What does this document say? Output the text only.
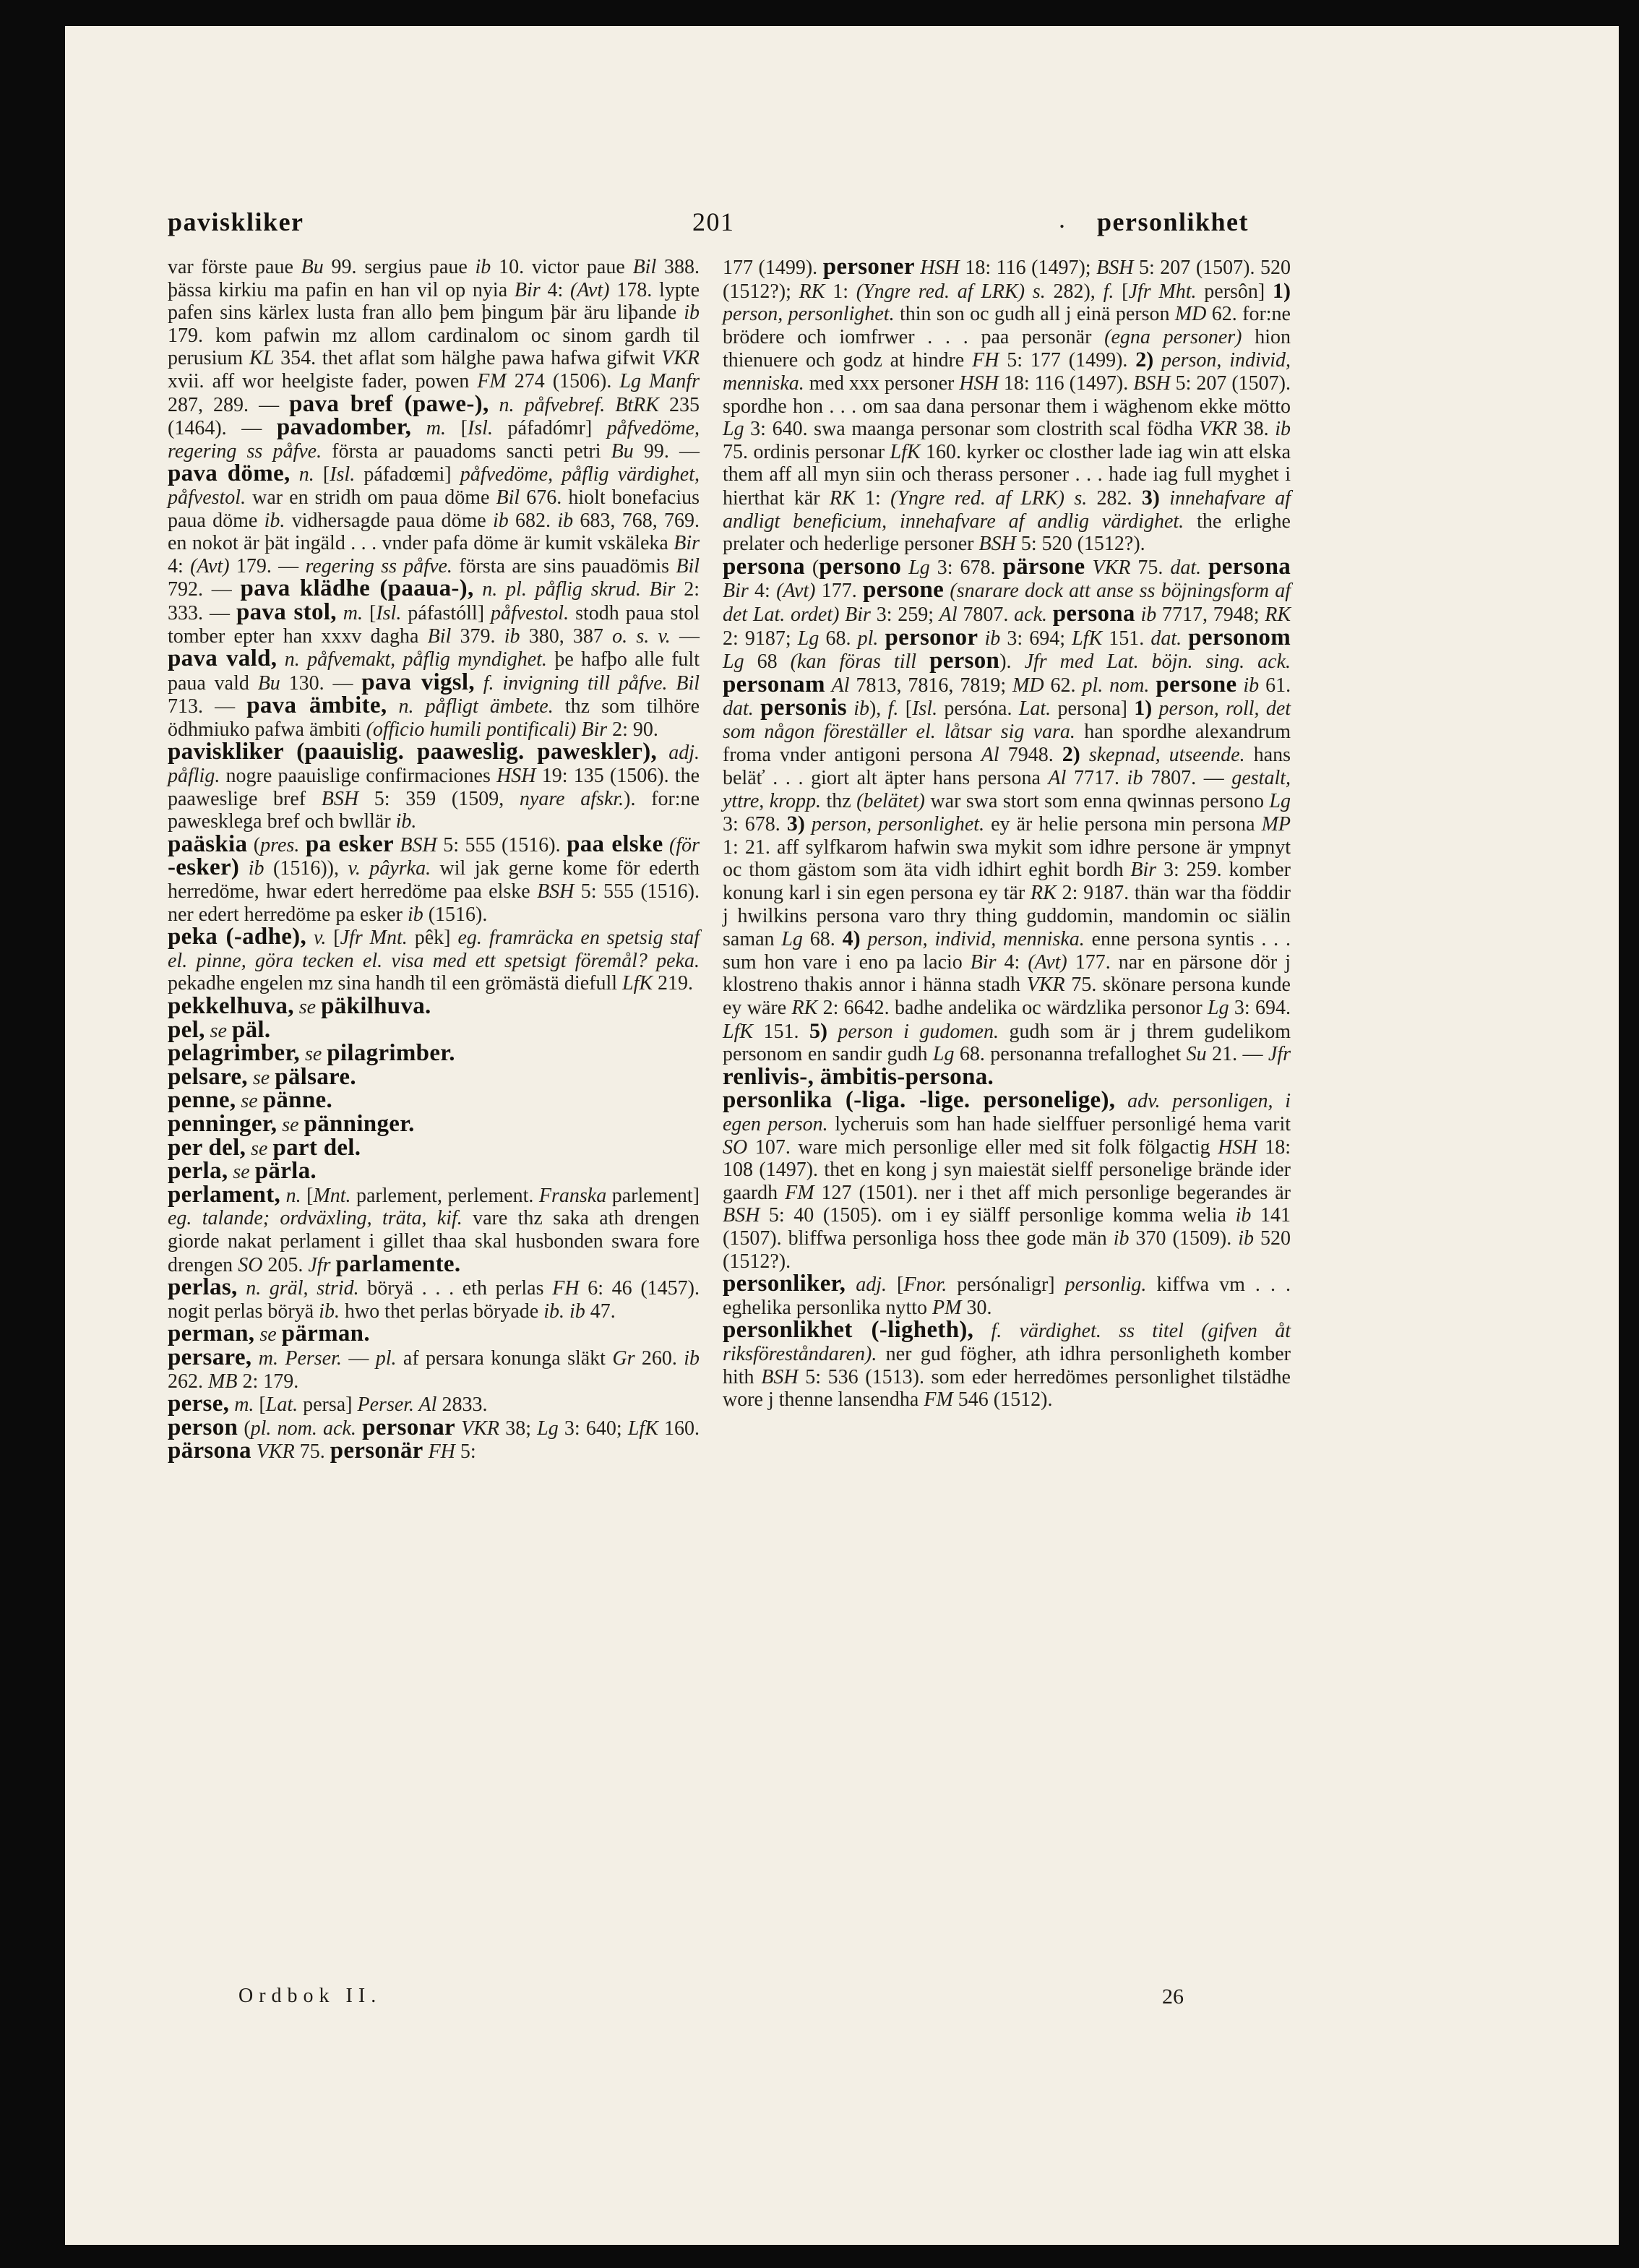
paviskliker	201	. personlikhet

var förste paue Bu 99. sergius paue ib 10. victor paue Bil 388. þässa kirkiu ma pafin en han vil op nyia Bir 4: (Avt) 178. lypte pafen sins kärlex lusta fran allo þem þingum þär äru liþande ib 179. kom pafwin mz allom cardinalom oc sinom gardh til perusium KL 354. thet aflat som hälghe pawa hafwa gifwit VKR xvii. aff wor heelgiste fader, powen FM 274 (1506). Lg Manfr 287, 289. — pava bref (pawe-), n. påfvebref. BtRK 235 (1464). — pavadomber, m. [Isl. páfadómr] påfvedöme, regering ss påfve. första ar pauadoms sancti petri Bu 99. — pava döme, n. [Isl. páfadœmi] påfvedöme, påflig värdighet, påfvestol. war en stridh om paua döme Bil 676. hiolt bonefacius paua döme ib. vidhersagde paua döme ib 682. ib 683, 768, 769. en nokot är þät ingäld . . . vnder pafa döme är kumit vskäleka Bir 4: (Avt) 179. — regering ss påfve. första are sins pauadömis Bil 792. — pava klädhe (paaua-), n. pl. påflig skrud. Bir 2: 333. — pava stol, m. [Isl. páfastóll] påfvestol. stodh paua stol tomber epter han xxxv dagha Bil 379. ib 380, 387 o. s. v. — pava vald, n. påfvemakt, påflig myndighet. þe hafþo alle fult paua vald Bu 130. — pava vigsl, f. invigning till påfve. Bil 713. — pava ämbite, n. påfligt ämbete. thz som tilhöre ödhmiuko pafwa ämbiti (officio humili pontificali) Bir 2: 90.

paviskliker (paauislig. paaweslig. pawesklег), adj. påflig. nogre paauislige confirmaciones HSH 19: 135 (1506). the paaweslige bref BSH 5: 359 (1509, nyare afskr.). for:ne pawesklega bref och bwllär ib.

paäskia (pres. pa esker BSH 5: 555 (1516). paa elske (för -esker) ib (1516)), v. pâyrka. wil jak gerne kome för ederth herredöme, hwar edert herredöme paa elske BSH 5: 555 (1516). ner edert herredöme pa esker ib (1516).

peka (-adhe), v. [Jfr Mnt. pêk] eg. framräcka en spetsig staf el. pinne, göra tecken el. visa med ett spetsigt föremål? peka. pekadhe engelen mz sina handh til een grömästä diefull LfK 219.

pekkelhuva, se päkilhuva.

pel, se päl.

pelagrimber, se pilagrimber.

pelsare, se pälsare.

penne, se pänne.

penninger, se pänninger.

per del, se part del.

perla, se pärla.

perlament, n. [Mnt. parlement, perlement. Franska parlement] eg. talande; ordväxling, träta, kif. vare thz saka ath drengen giorde nakat perlament i gillet thaa skal husbonden swara fore drengen SO 205. Jfr parlamente.

perlas, n. gräl, strid. böryä . . . eth perlas FH 6: 46 (1457). nogit perlas böryä ib. hwo thet perlas böryade ib. ib 47.

perman, se pärman.

persare, m. Perser. — pl. af persara konunga släkt Gr 260. ib 262. MB 2: 179.

perse, m. [Lat. persa] Perser. Al 2833.

person (pl. nom. ack. personar VKR 38; Lg 3: 640; LfK 160. pärsona VKR 75. personär FH 5:

177 (1499). personer HSH 18: 116 (1497); BSH 5: 207 (1507). 520 (1512?); RK 1: (Yngre red. af LRK) s. 282), f. [Jfr Mht. persôn] 1) person, personlighet. thin son oc gudh all j einä person MD 62. for:ne brödere och iomfrwer . . . paa personär (egna personer) hion thienuere och godz at hindre FH 5: 177 (1499). 2) person, individ, menniska. med xxx personer HSH 18: 116 (1497). BSH 5: 207 (1507). spordhe hon . . . om saa dana personar them i wäghenom ekke mötto Lg 3: 640. swa maanga personar som clostrith scal födha VKR 38. ib 75. ordinis personar LfK 160. kyrker oc closther lade iag win att elska them aff all myn siin och therass personer . . . hade iag full myghet i hierthat kär RK 1: (Yngre red. af LRK) s. 282. 3) innehafvare af andligt beneficium, innehafvare af andlig värdighet. the erlighe prelater och hederlige personer BSH 5: 520 (1512?).

persona (persono Lg 3: 678. pärsone VKR 75. dat. persona Bir 4: (Avt) 177. persone (snarare dock att anse ss böjningsform af det Lat. ordet) Bir 3: 259; Al 7807. ack. persona ib 7717, 7948; RK 2: 9187; Lg 68. pl. personor ib 3: 694; LfK 151. dat. personom Lg 68 (kan föras till person). Jfr med Lat. böjn. sing. ack. personam Al 7813, 7816, 7819; MD 62. pl. nom. persone ib 61. dat. personis ib), f. [Isl. persóna. Lat. persona] 1) person, roll, det som någon föreställer el. låtsar sig vara. han spordhe alexandrum froma vnder antigoni persona Al 7948. 2) skepnad, utseende. hans beläť . . . giort alt äpter hans persona Al 7717. ib 7807. — gestalt, yttre, kropp. thz (belätet) war swa stort som enna qwinnas persono Lg 3: 678. 3) person, personlighet. ey är helie persona min persona MP 1: 21. aff sylfkarom hafwin swa mykit som idhre persone är ympnyt oc thom gästom som äta vidh idhirt eghit bordh Bir 3: 259. komber konung karl i sin egen persona ey tär RK 2: 9187. thän war tha föddir j hwilkins persona varo thry thing guddomin, mandomin oc siälin saman Lg 68. 4) person, individ, menniska. enne persona syntis . . . sum hon vare i eno pa lacio Bir 4: (Avt) 177. nar en pärsone dör j klostreno thakis annor i hänna stadh VKR 75. skönare persona kunde ey wäre RK 2: 6642. badhe andelika oc wärdzlika personor Lg 3: 694. LfK 151. 5) person i gudomen. gudh som är j threm gudelikom personom en sandir gudh Lg 68. personanna trefalloghet Su 21. — Jfr renlivis-, ämbitis-persona.

personlika (-liga. -lige. personelige), adv. personligen, i egen person. lycheruis som han hade sielffuer personligé hema varit SO 107. ware mich personlige eller med sit folk fölgactig HSH 18: 108 (1497). thet en kong j syn maiestät sielff personelige brände ider gaardh FM 127 (1501). ner i thet aff mich personlige begerandes är BSH 5: 40 (1505). om i ey siälff personlige komma welia ib 141 (1507). bliffwa personliga hoss thee gode män ib 370 (1509). ib 520 (1512?).

personliker, adj. [Fnor. persónaligr] personlig. kiffwa vm . . . eghelika personlika nytto PM 30.

personlikhet (-ligheth), f. värdighet. ss titel (gifven åt riksföreståndaren). ner gud fögher, ath idhra personligheth komber hith BSH 5: 536 (1513). som eder herredömes personlighet tilstädhe wore j thenne lansendha FM 546 (1512).

Ordbok II.	26
